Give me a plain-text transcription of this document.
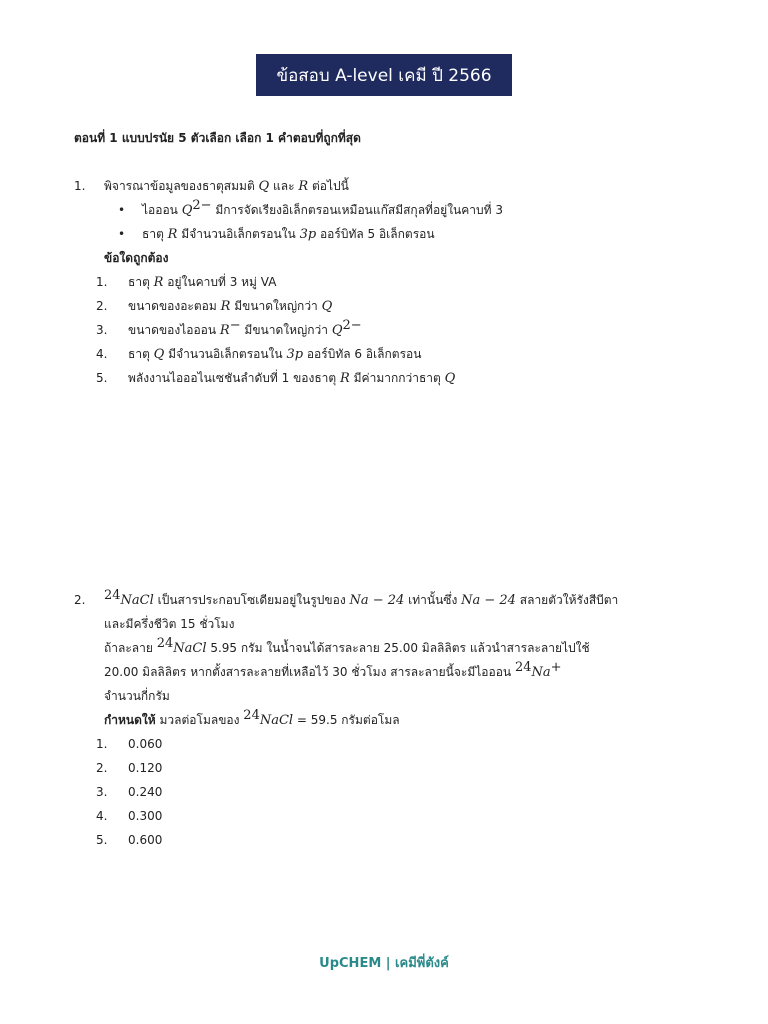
ข้อสอบ A-level เคมี ปี 2566
ตอนที่ 1 แบบปรนัย 5 ตัวเลือก เลือก 1 คำตอบที่ถูกที่สุด
1. พิจารณาข้อมูลของธาตุสมมติ Q และ R ต่อไปนี้
• ไอออน $Q^{2-}$ มีการจัดเรียงอิเล็กตรอนเหมือนแก๊สมีสกุลที่อยู่ในคาบที่ 3
• ธาตุ R มีจำนวนอิเล็กตรอนใน 3p ออร์บิทัล 5 อิเล็กตรอน
ข้อใดถูกต้อง
1. ธาตุ R อยู่ในคาบที่ 3 หมู่ VA
2. ขนาดของอะตอม R มีขนาดใหญ่กว่า Q
3. ขนาดของไอออน R− มีขนาดใหญ่กว่า $Q^{2-}$
4. ธาตุ Q มีจำนวนอิเล็กตรอนใน 3p ออร์บิทัล 6 อิเล็กตรอน
5. พลังงานไอออไนเซชันลำดับที่ 1 ของธาตุ R มีค่ามากกว่าธาตุ Q
2. $^{24}$NaCl เป็นสารประกอบโซเดียมอยู่ในรูปของ Na − 24 เท่านั้นซึ่ง Na − 24 สลายตัวให้รังสีบีตา
และมีครึ่งชีวิต 15 ชั่วโมง
ถ้าละลาย $^{24}$NaCl 5.95 กรัม ในน้ำจนได้สารละลาย 25.00 มิลลิลิตร แล้วนำสารละลายไปใช้
20.00 มิลลิลิตร หากตั้งสารละลายที่เหลือไว้ 30 ชั่วโมง สารละลายนี้จะมีไอออน $^{24}$Na+
จำนวนกี่กรัม
กำหนดให้ มวลต่อโมลของ $^{24}$NaCl = 59.5 กรัมต่อโมล
1. 0.060
2. 0.120
3. 0.240
4. 0.300
5. 0.600
UpCHEM | เคมีพี่ตังค์
